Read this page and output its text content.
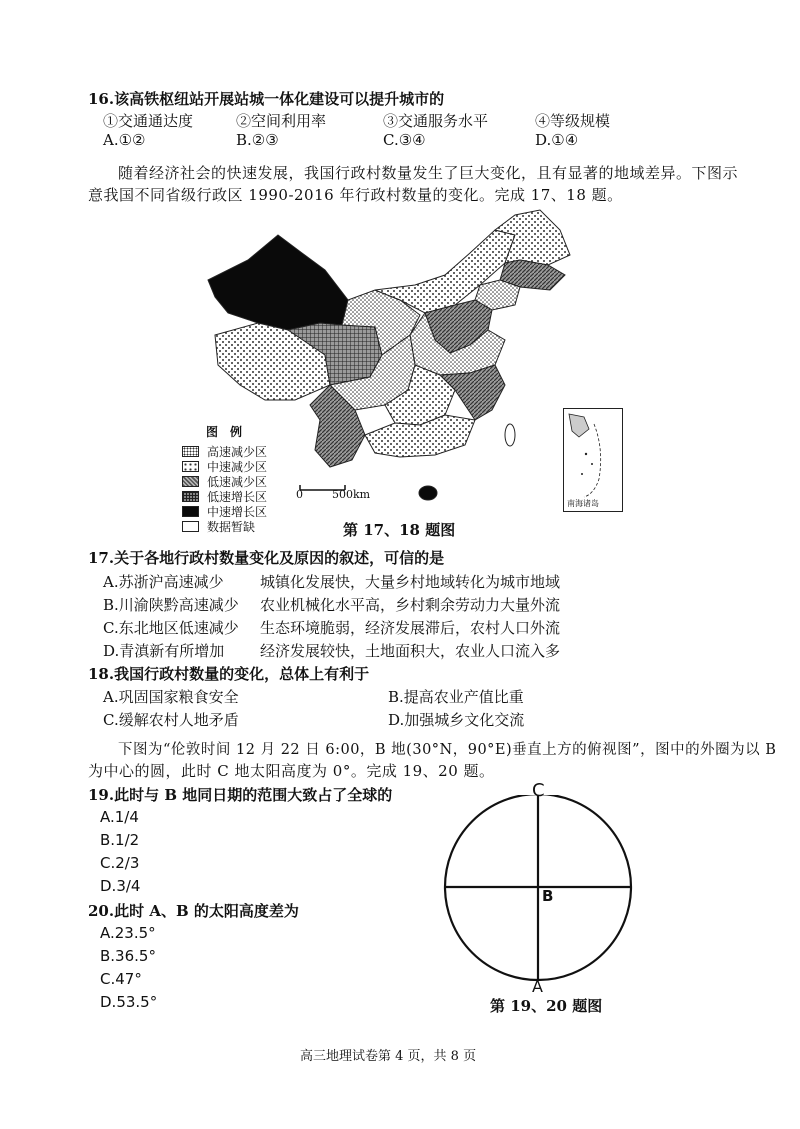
16.该高铁枢纽站开展站城一体化建设可以提升城市的
①交通通达度	②空间利用率	③交通服务水平	④等级规模
A.①②	B.②③	C.③④	D.①④
随着经济社会的快速发展，我国行政村数量发生了巨大变化，且有显著的地域差异。下图示
意我国不同省级行政区 1990-2016 年行政村数量的变化。完成 17、18 题。
0	500km
南海诸岛
图　例
高速减少区
中速减少区
低速减少区
低速增长区
中速增长区
数据暂缺	第 17、18 题图
17.关于各地行政村数量变化及原因的叙述，可信的是
A.苏浙沪高速减少 城镇化发展快，大量乡村地域转化为城市地域
B.川渝陕黔高速减少 农业机械化水平高，乡村剩余劳动力大量外流
C.东北地区低速减少 生态环境脆弱，经济发展滞后，农村人口外流
D.青滇新有所增加 经济发展较快，土地面积大，农业人口流入多
18.我国行政村数量的变化，总体上有利于
A.巩固国家粮食安全	B.提高农业产值比重
C.缓解农村人地矛盾	D.加强城乡文化交流
下图为“伦敦时间 12 月 22 日 6:00，B 地(30°N，90°E)垂直上方的俯视图”，图中的外圈为以 B
为中心的圆，此时 C 地太阳高度为 0°。完成 19、20 题。
19.此时与 B 地同日期的范围大致占了全球的
A.1/4
B.1/2
C.2/3
D.3/4
20.此时 A、B 的太阳高度差为
A.23.5°
B.36.5°
C.47°
D.53.5°
C
B
A
第 19、20 题图
高三地理试卷第 4 页，共 8 页
